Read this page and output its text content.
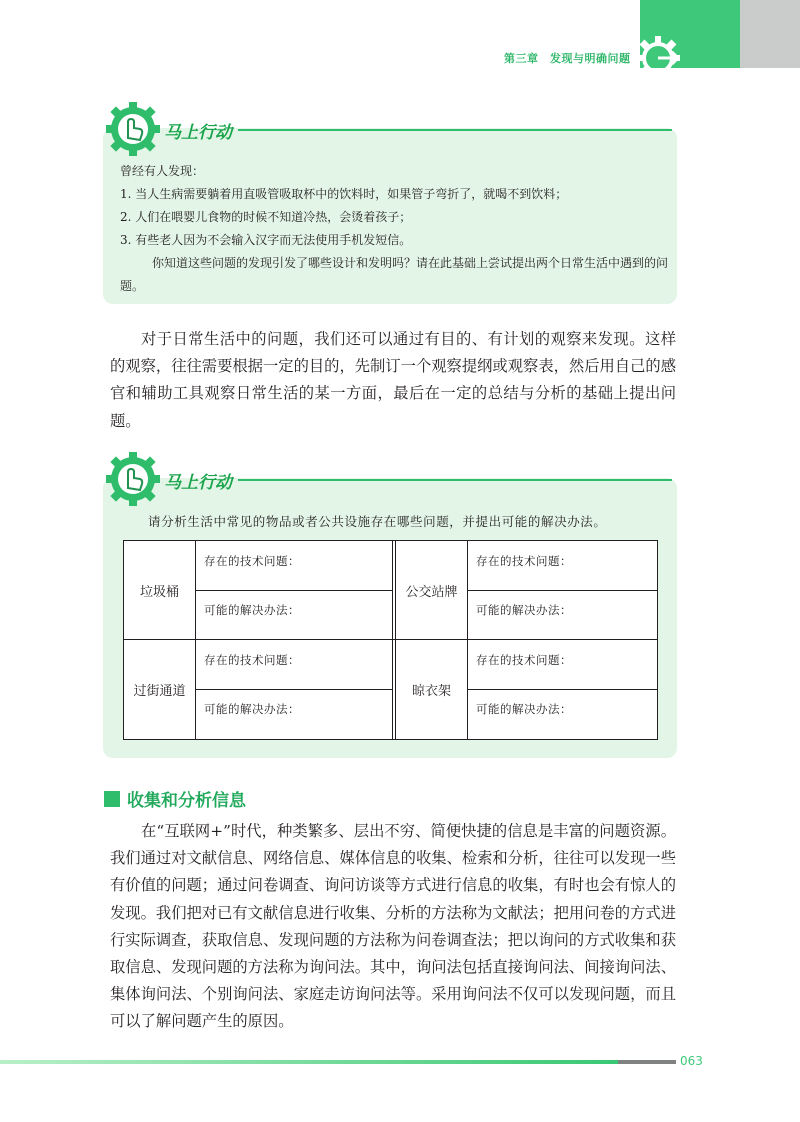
第三章　发现与明确问题
马上行动
曾经有人发现：
1. 当人生病需要躺着用直吸管吸取杯中的饮料时，如果管子弯折了，就喝不到饮料；
2. 人们在喂婴儿食物的时候不知道冷热，会烫着孩子；
3. 有些老人因为不会输入汉字而无法使用手机发短信。
你知道这些问题的发现引发了哪些设计和发明吗？请在此基础上尝试提出两个日常生活中遇到的问题。

对于日常生活中的问题，我们还可以通过有目的、有计划的观察来发现。这样的观察，往往需要根据一定的目的，先制订一个观察提纲或观察表，然后用自己的感官和辅助工具观察日常生活的某一方面，最后在一定的总结与分析的基础上提出问题。

马上行动
请分析生活中常见的物品或者公共设施存在哪些问题，并提出可能的解决办法。
垃圾桶
存在的技术问题：
可能的解决办法：
公交站牌
存在的技术问题：
可能的解决办法：
过街通道
存在的技术问题：
可能的解决办法：
晾衣架
存在的技术问题：
可能的解决办法：
收集和分析信息

在“互联网+”时代，种类繁多、层出不穷、简便快捷的信息是丰富的问题资源。我们通过对文献信息、网络信息、媒体信息的收集、检索和分析，往往可以发现一些有价值的问题；通过问卷调查、询问访谈等方式进行信息的收集，有时也会有惊人的发现。我们把对已有文献信息进行收集、分析的方法称为文献法；把用问卷的方式进行实际调查，获取信息、发现问题的方法称为问卷调查法；把以询问的方式收集和获取信息、发现问题的方法称为询问法。其中，询问法包括直接询问法、间接询问法、集体询问法、个别询问法、家庭走访询问法等。采用询问法不仅可以发现问题，而且可以了解问题产生的原因。

063
